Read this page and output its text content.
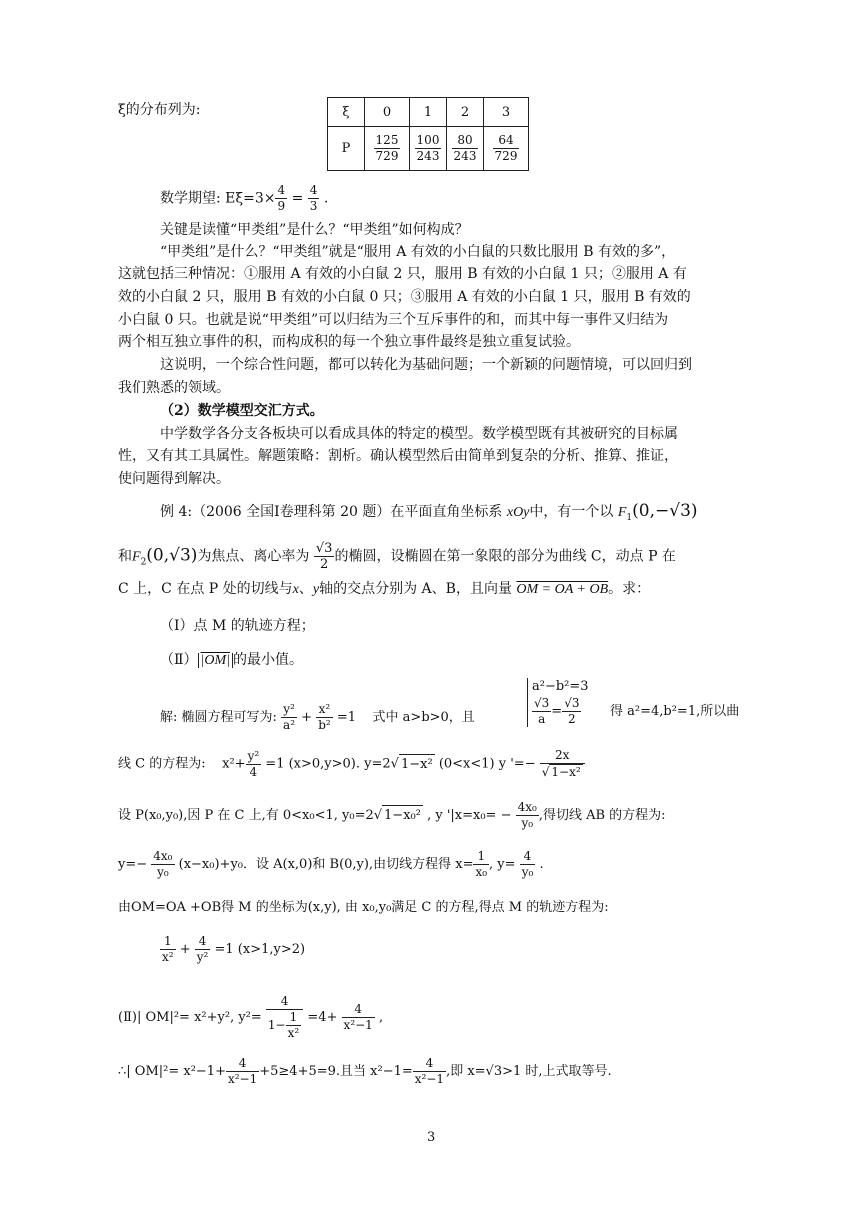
ξ的分布列为:	ξ	0	1	2	3
P	$\frac{125}{729}$	$\frac{100}{243}$	$\frac{80}{243}$	$\frac{64}{729}$
数学期望: $E\xi=3\times \frac{4}{9} = \frac{4}{3}$ .
关键是读懂“甲类组”是什么？“甲类组”如何构成？
“甲类组”是什么？“甲类组”就是“服用 A 有效的小白鼠的只数比服用 B 有效的多”，
这就包括三种情况：①服用 A 有效的小白鼠 2 只，服用 B 有效的小白鼠 1 只；②服用 A 有
效的小白鼠 2 只，服用 B 有效的小白鼠 0 只；③服用 A 有效的小白鼠 1 只，服用 B 有效的
小白鼠 0 只。也就是说“甲类组”可以归结为三个互斥事件的和，而其中每一事件又归结为
两个相互独立事件的积，而构成积的每一个独立事件最终是独立重复试验。
这说明，一个综合性问题，都可以转化为基础问题；一个新颖的问题情境，可以回归到
我们熟悉的领域。
（2）数学模型交汇方式。
中学数学各分支各板块可以看成具体的特定的模型。数学模型既有其被研究的目标属
性，又有其工具属性。解题策略：割析。确认模型然后由简单到复杂的分析、推算、推证，
使问题得到解决。
例 4:（2006 全国Ⅰ卷理科第 20 题）在平面直角坐标系 xOy中，有一个以 $F_1(0,-√3)$
和$F_2(0,√3)$为焦点、离心率为 $\frac{√3}{2}$ 的椭圆，设椭圆在第一象限的部分为曲线 C，动点 P 在
C 上，C 在点 P 处的切线与x、y轴的交点分别为 A、B，且向量 OM = OA + OB。求：
（Ⅰ）点 M 的轨迹方程；
（Ⅱ） |OM| 的最小值。
解: 椭圆方程可写为: $\frac{\text{y²}}{\text{a²}} + \frac{\text{x²}}{\text{b²}} =1$ 式中 a>b>0，且
a²−b²=3
$\frac{√3}{a} = \frac{√3}{2}$ 得 a²=4,b²=1,所以曲
线 C 的方程为: $x^2+ \frac{\text{y²}}{4} =1$ (x>0,y>0). y=2√ 1−x² (0<x<1) y '=− $\frac{2x}{\text{√ 1−x²}}$
设 P(x₀,y₀),因 P 在 C 上,有 0<x₀<1, y₀=2√ 1−x₀² , y '$|x=x_0= - \frac{\text{4x₀}}{\text{y₀}}$ ,得切线 AB 的方程为:
$y=- \frac{\text{4x₀}}{\text{y₀}} (x-x_0)+y_0$．设 A(x,0)和 B(0,y),由切线方程得 $x= \frac{1}{\text{x₀}}$ , $y= \frac{4}{\text{y₀}}$ .
由OM=OA +OB得 M 的坐标为(x,y), 由 x₀,y₀满足 C 的方程,得点 M 的轨迹方程为:
$\frac{1}{\text{x²}} + \frac{4}{\text{y²}} =1$ (x>1,y>2)
(Ⅱ)| OM|²= x²+y², $y^2= \frac{4}{1- \frac{1}{\text{x²}}} =4+ \frac{4}{\text{x²−1}}$ ,
∴| $OM|^2= x^2-1+ \frac{4}{\text{x²−1}} +5\ge 4+5=9$.且当 $x^2-1= \frac{4}{\text{x²−1}}$ ,即 x=√3>1 时,上式取等号.
3
